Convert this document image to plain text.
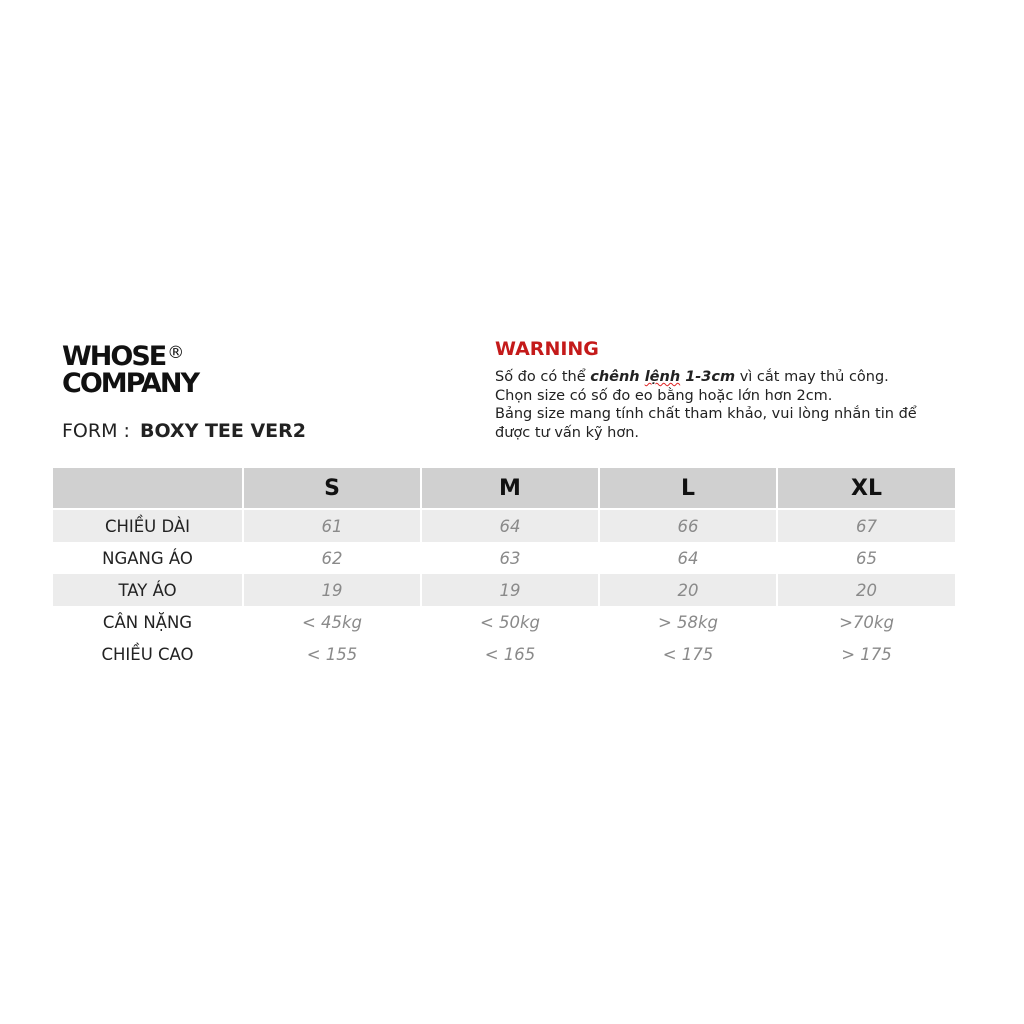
WHOSE ®
COMPANY
FORM : BOXY TEE VER2
WARNING

Số đo có thể chênh lệnh 1-3cm vì cắt may thủ công.

Chọn size có số đo eo bằng hoặc lớn hơn 2cm.

Bảng size mang tính chất tham khảo, vui lòng nhắn tin để

được tư vấn kỹ hơn.

	S	M	L	XL

CHIỀU DÀI	61	64	66	67
NGANG ÁO	62	63	64	65
TAY ÁO	19	19	20	20
CÂN NẶNG	< 45kg	< 50kg	> 58kg	>70kg
CHIỀU CAO	< 155	< 165	< 175	> 175
